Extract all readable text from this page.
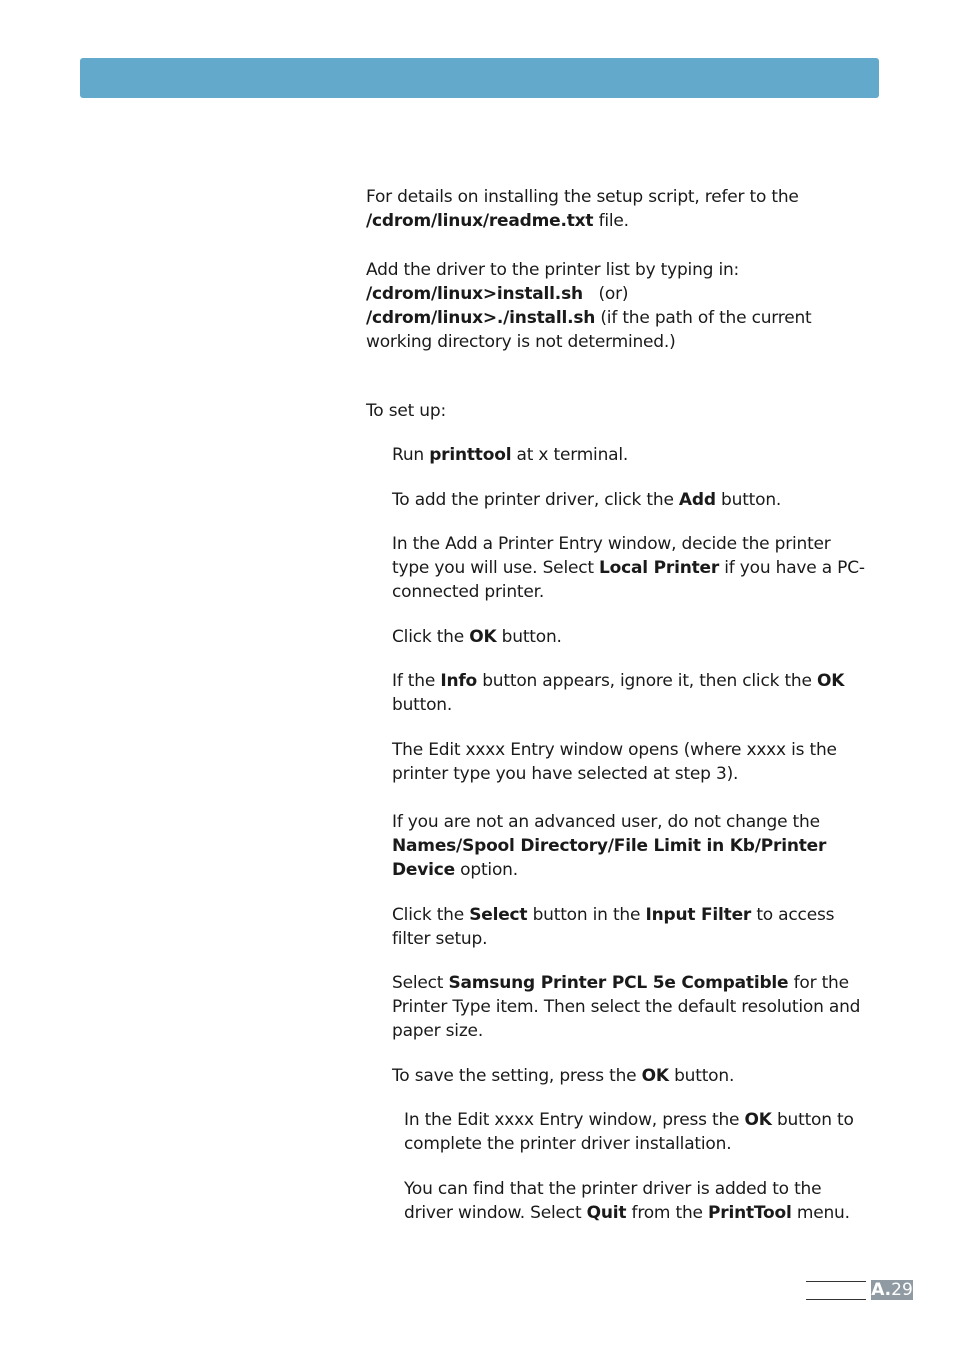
For details on installing the setup script, refer to the
/cdrom/linux/readme.txt file.
Add the driver to the printer list by typing in:
/cdrom/linux>install.sh   (or)
/cdrom/linux>./install.sh (if the path of the current
working directory is not determined.)
To set up:
Run printtool at x terminal.
To add the printer driver, click the Add button.
In the Add a Printer Entry window, decide the printer
type you will use. Select Local Printer if you have a PC-
connected printer.
Click the OK button.
If the Info button appears, ignore it, then click the OK
button.
The Edit xxxx Entry window opens (where xxxx is the
printer type you have selected at step 3).
If you are not an advanced user, do not change the
Names/Spool Directory/File Limit in Kb/Printer
Device option.
Click the Select button in the Input Filter to access
filter setup.
Select Samsung Printer PCL 5e Compatible for the
Printer Type item. Then select the default resolution and
paper size.
To save the setting, press the OK button.
In the Edit xxxx Entry window, press the OK button to
complete the printer driver installation.
You can find that the printer driver is added to the
driver window. Select Quit from the PrintTool menu.
A.29
